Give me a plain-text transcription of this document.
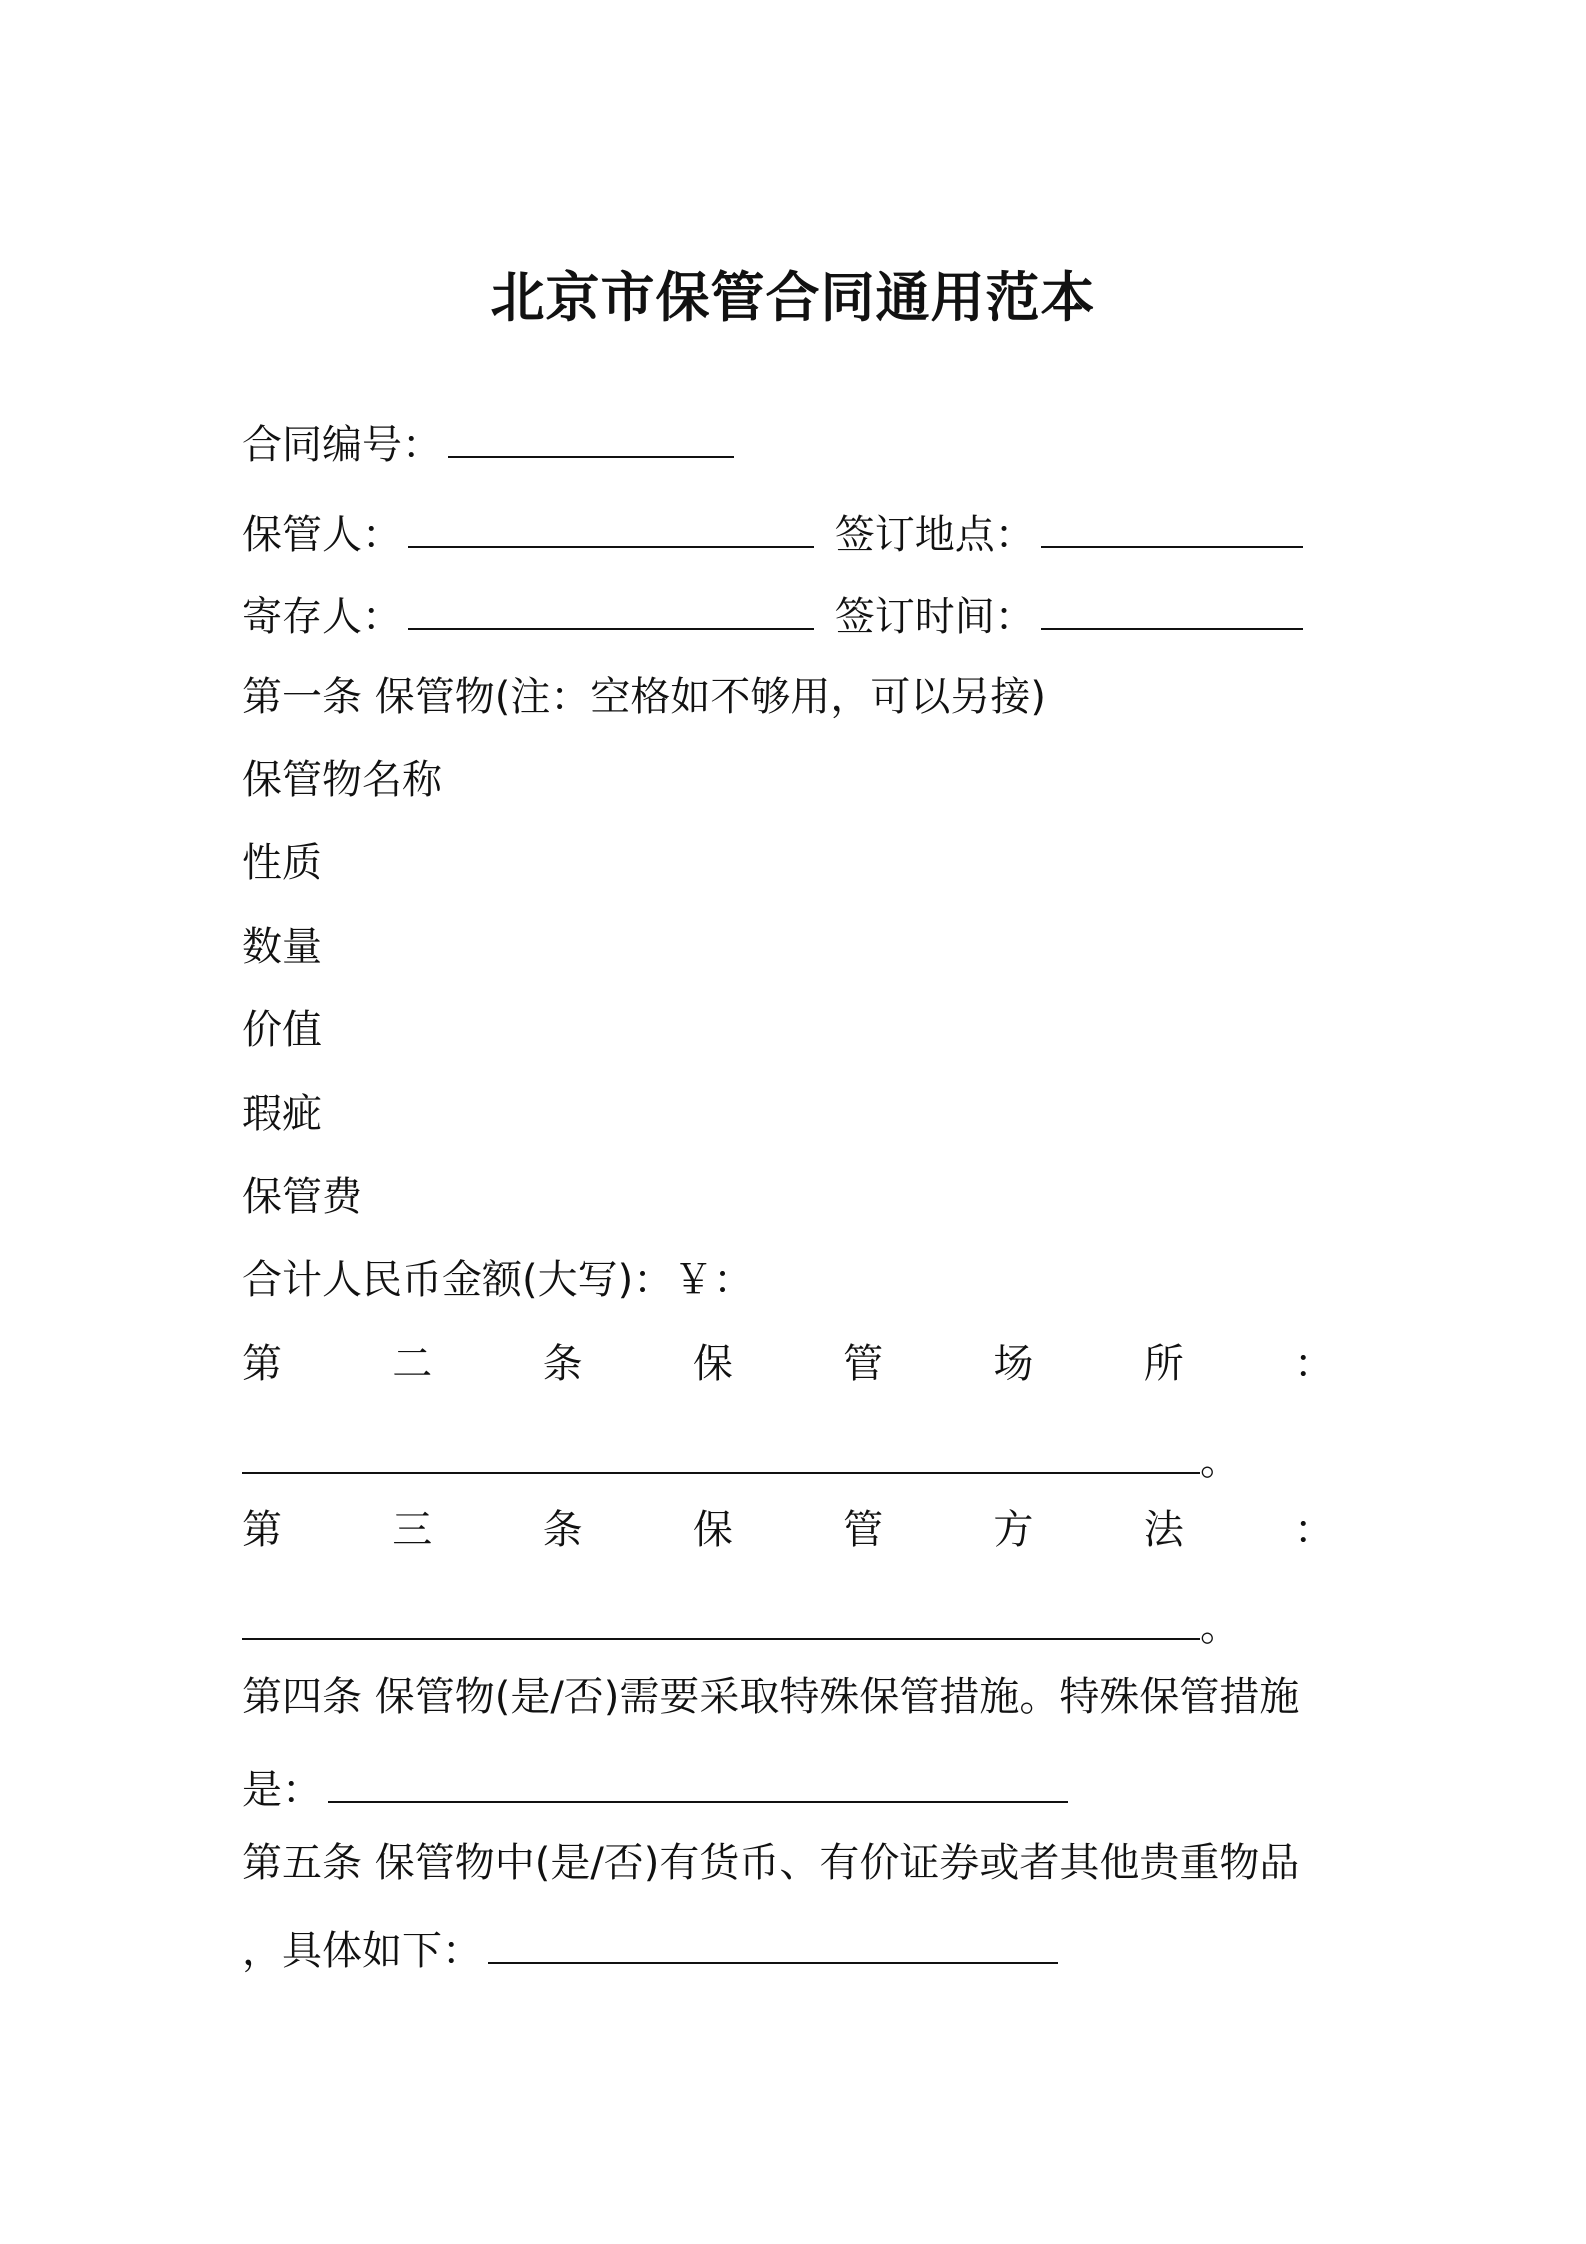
北京市保管合同通用范本
合同编号：
保管人：	签订地点：
寄存人：	签订时间：
第一条 保管物(注：空格如不够用，可以另接)
保管物名称
性质
数量
价值
瑕疵
保管费
合计人民币金额(大写)：￥：
第	二	条	保	管	场	所	：
。
第	三	条	保	管	方	法	：
。
第四条 保管物(是/否)需要采取特殊保管措施。特殊保管措施
是：
第五条 保管物中(是/否)有货币、有价证券或者其他贵重物品
，具体如下：
